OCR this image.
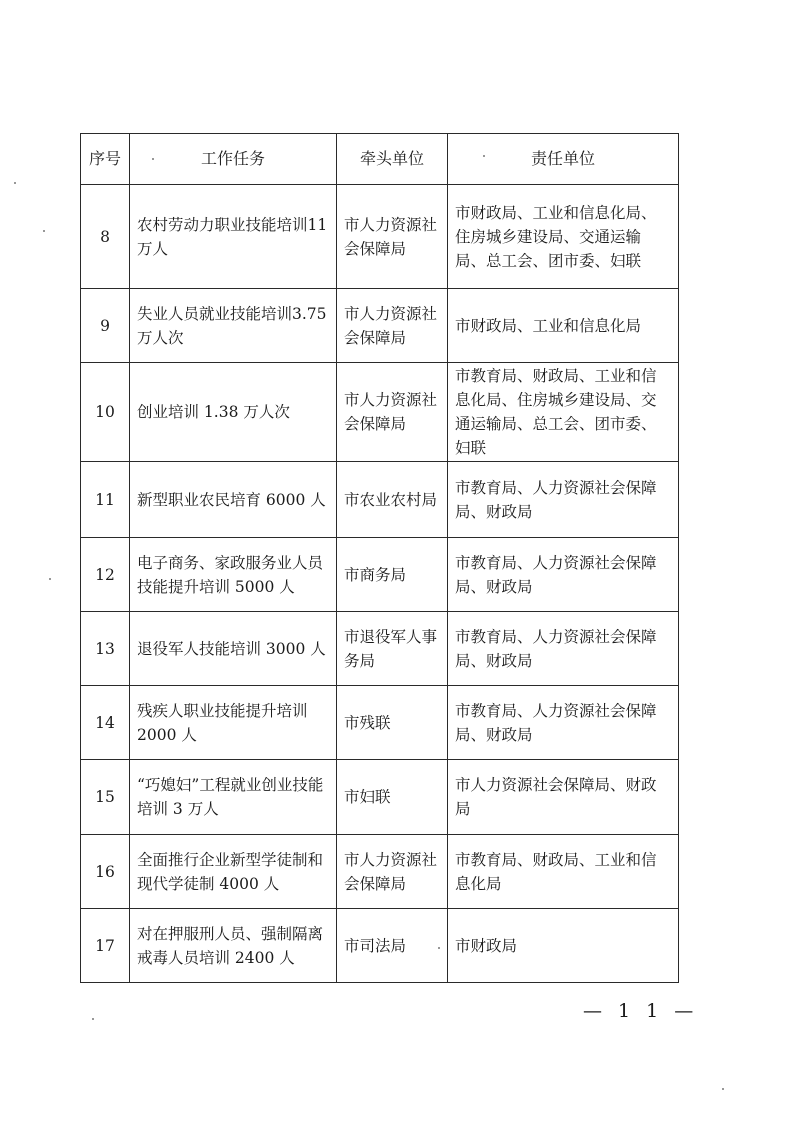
序号	工作任务	牵头单位	责任单位
8	农村劳动力职业技能培训11万人	市人力资源社会保障局	市财政局、工业和信息化局、住房城乡建设局、交通运输局、总工会、团市委、妇联
9	失业人员就业技能培训3.75万人次	市人力资源社会保障局	市财政局、工业和信息化局
10	创业培训 1.38 万人次	市人力资源社会保障局	市教育局、财政局、工业和信息化局、住房城乡建设局、交通运输局、总工会、团市委、妇联
11	新型职业农民培育 6000 人	市农业农村局	市教育局、人力资源社会保障局、财政局
12	电子商务、家政服务业人员技能提升培训 5000 人	市商务局	市教育局、人力资源社会保障局、财政局
13	退役军人技能培训 3000 人	市退役军人事务局	市教育局、人力资源社会保障局、财政局
14	残疾人职业技能提升培训2000 人	市残联	市教育局、人力资源社会保障局、财政局
15	“巧媳妇”工程就业创业技能培训 3 万人	市妇联	市人力资源社会保障局、财政局
16	全面推行企业新型学徒制和现代学徒制 4000 人	市人力资源社会保障局	市教育局、财政局、工业和信息化局
17	对在押服刑人员、强制隔离戒毒人员培训 2400 人	市司法局	市财政局
— 1 1 —
